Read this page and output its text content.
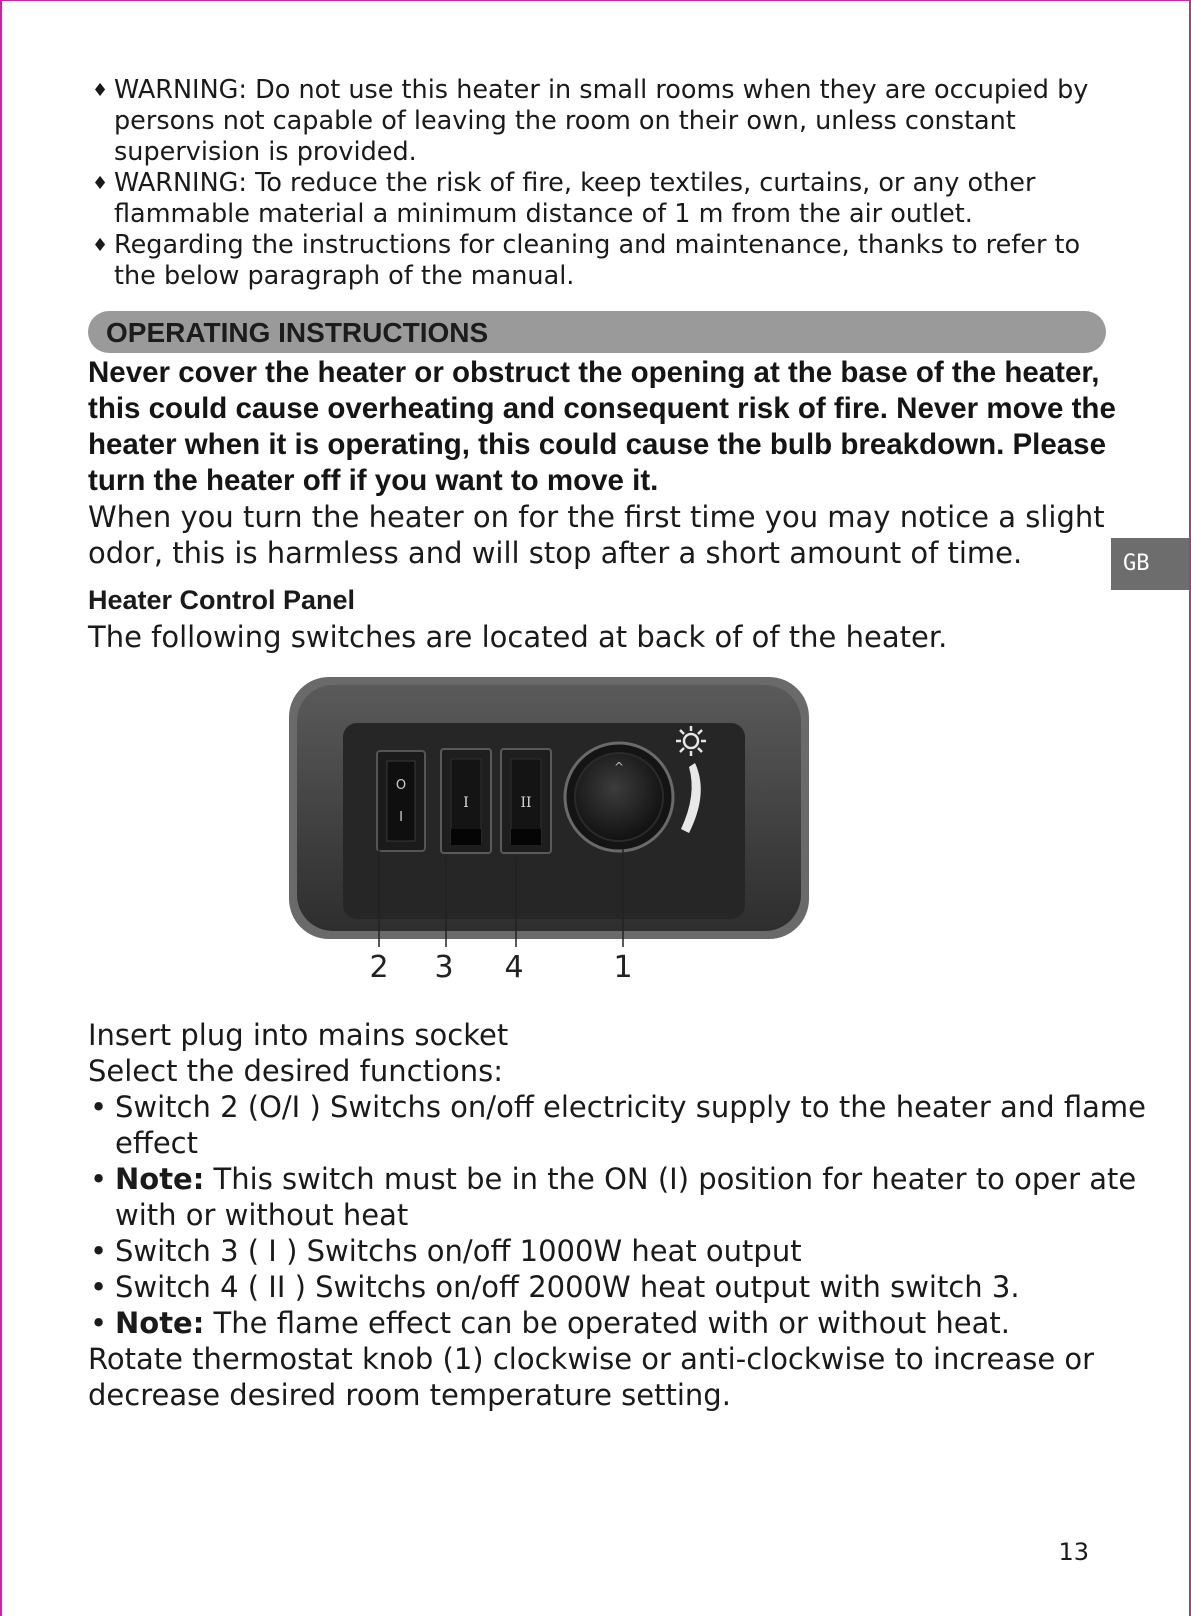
♦ WARNING: Do not use this heater in small rooms when they are occupied by persons not capable of leaving the room on their own, unless constant supervision is provided.
♦ WARNING: To reduce the risk of fire, keep textiles, curtains, or any other flammable material a minimum distance of 1 m from the air outlet.
♦ Regarding the instructions for cleaning and maintenance, thanks to refer to the below paragraph of the manual.
OPERATING INSTRUCTIONS
Never cover the heater or obstruct the opening at the base of the heater, this could cause overheating and consequent risk of fire. Never move the heater when it is operating, this could cause the bulb breakdown. Please turn the heater off if you want to move it.
When you turn the heater on for the first time you may notice a slight odor, this is harmless and will stop after a short amount of time.
Heater Control Panel
The following switches are located at back of of the heater.
GB
O
I
I	II
^
2 3 4	1
Insert plug into mains socket
Select the desired functions:
• Switch 2 (O/I ) Switchs on/off electricity supply to the heater and flame effect
• Note: This switch must be in the ON (I) position for heater to oper ate with or without heat
• Switch 3 ( I ) Switchs on/off 1000W heat output
• Switch 4 ( II ) Switchs on/off 2000W heat output with switch 3.
• Note: The flame effect can be operated with or without heat.
Rotate thermostat knob (1) clockwise or anti-clockwise to increase or decrease desired room temperature setting.
13
